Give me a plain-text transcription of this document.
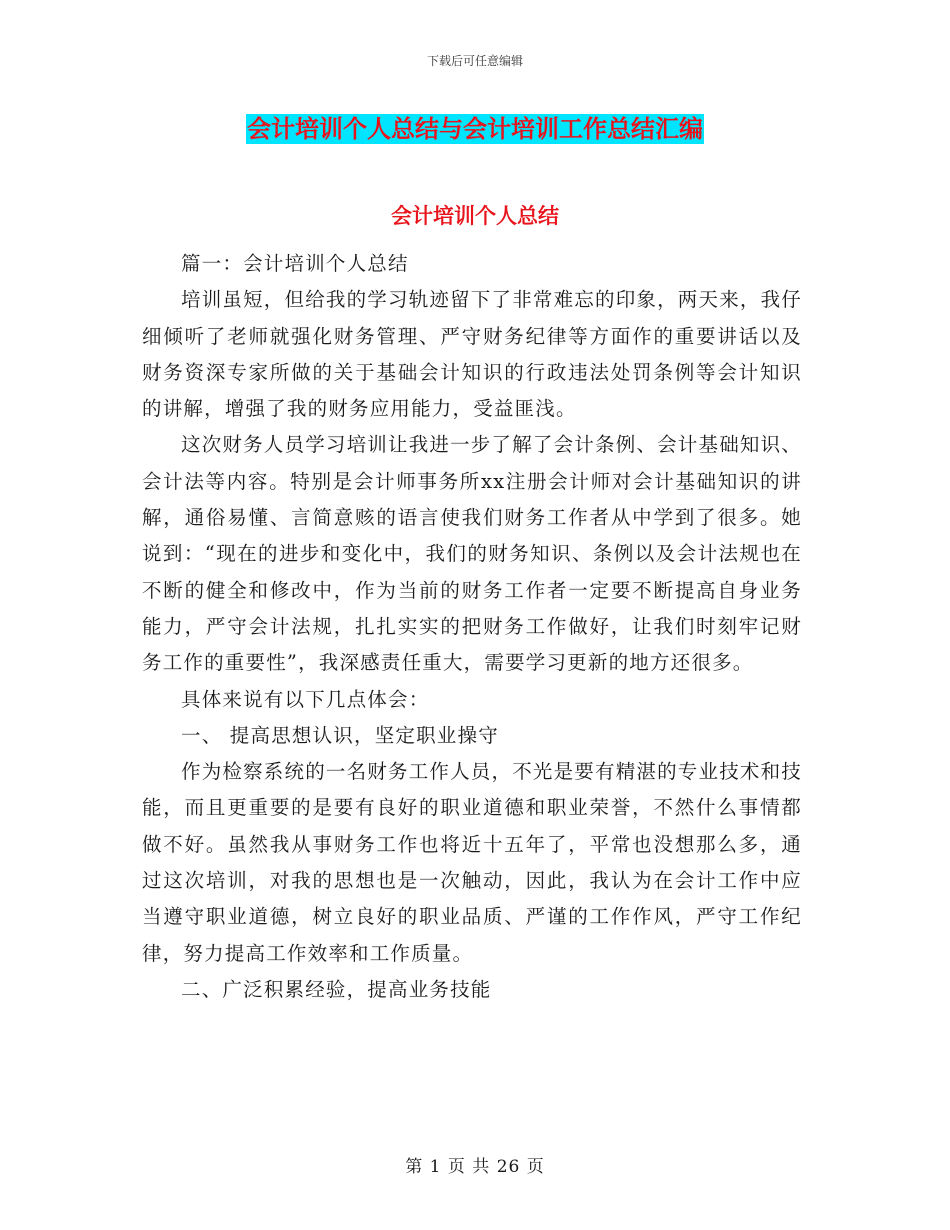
下载后可任意编辑
会计培训个人总结与会计培训工作总结汇编
会计培训个人总结

篇一：会计培训个人总结

培训虽短，但给我的学习轨迹留下了非常难忘的印象，两天来，我仔细倾听了老师就强化财务管理、严守财务纪律等方面作的重要讲话以及财务资深专家所做的关于基础会计知识的行政违法处罚条例等会计知识的讲解，增强了我的财务应用能力，受益匪浅。

这次财务人员学习培训让我进一步了解了会计条例、会计基础知识、会计法等内容。特别是会计师事务所xx注册会计师对会计基础知识的讲解，通俗易懂、言简意赅的语言使我们财务工作者从中学到了很多。她说到：“现在的进步和变化中，我们的财务知识、条例以及会计法规也在不断的健全和修改中，作为当前的财务工作者一定要不断提高自身业务能力，严守会计法规，扎扎实实的把财务工作做好，让我们时刻牢记财务工作的重要性”，我深感责任重大，需要学习更新的地方还很多。

具体来说有以下几点体会：

一、 提高思想认识，坚定职业操守

作为检察系统的一名财务工作人员，不光是要有精湛的专业技术和技能，而且更重要的是要有良好的职业道德和职业荣誉，不然什么事情都做不好。虽然我从事财务工作也将近十五年了，平常也没想那么多，通过这次培训，对我的思想也是一次触动，因此，我认为在会计工作中应当遵守职业道德，树立良好的职业品质、严谨的工作作风，严守工作纪律，努力提高工作效率和工作质量。

二、广泛积累经验，提高业务技能

第 1 页 共 26 页
